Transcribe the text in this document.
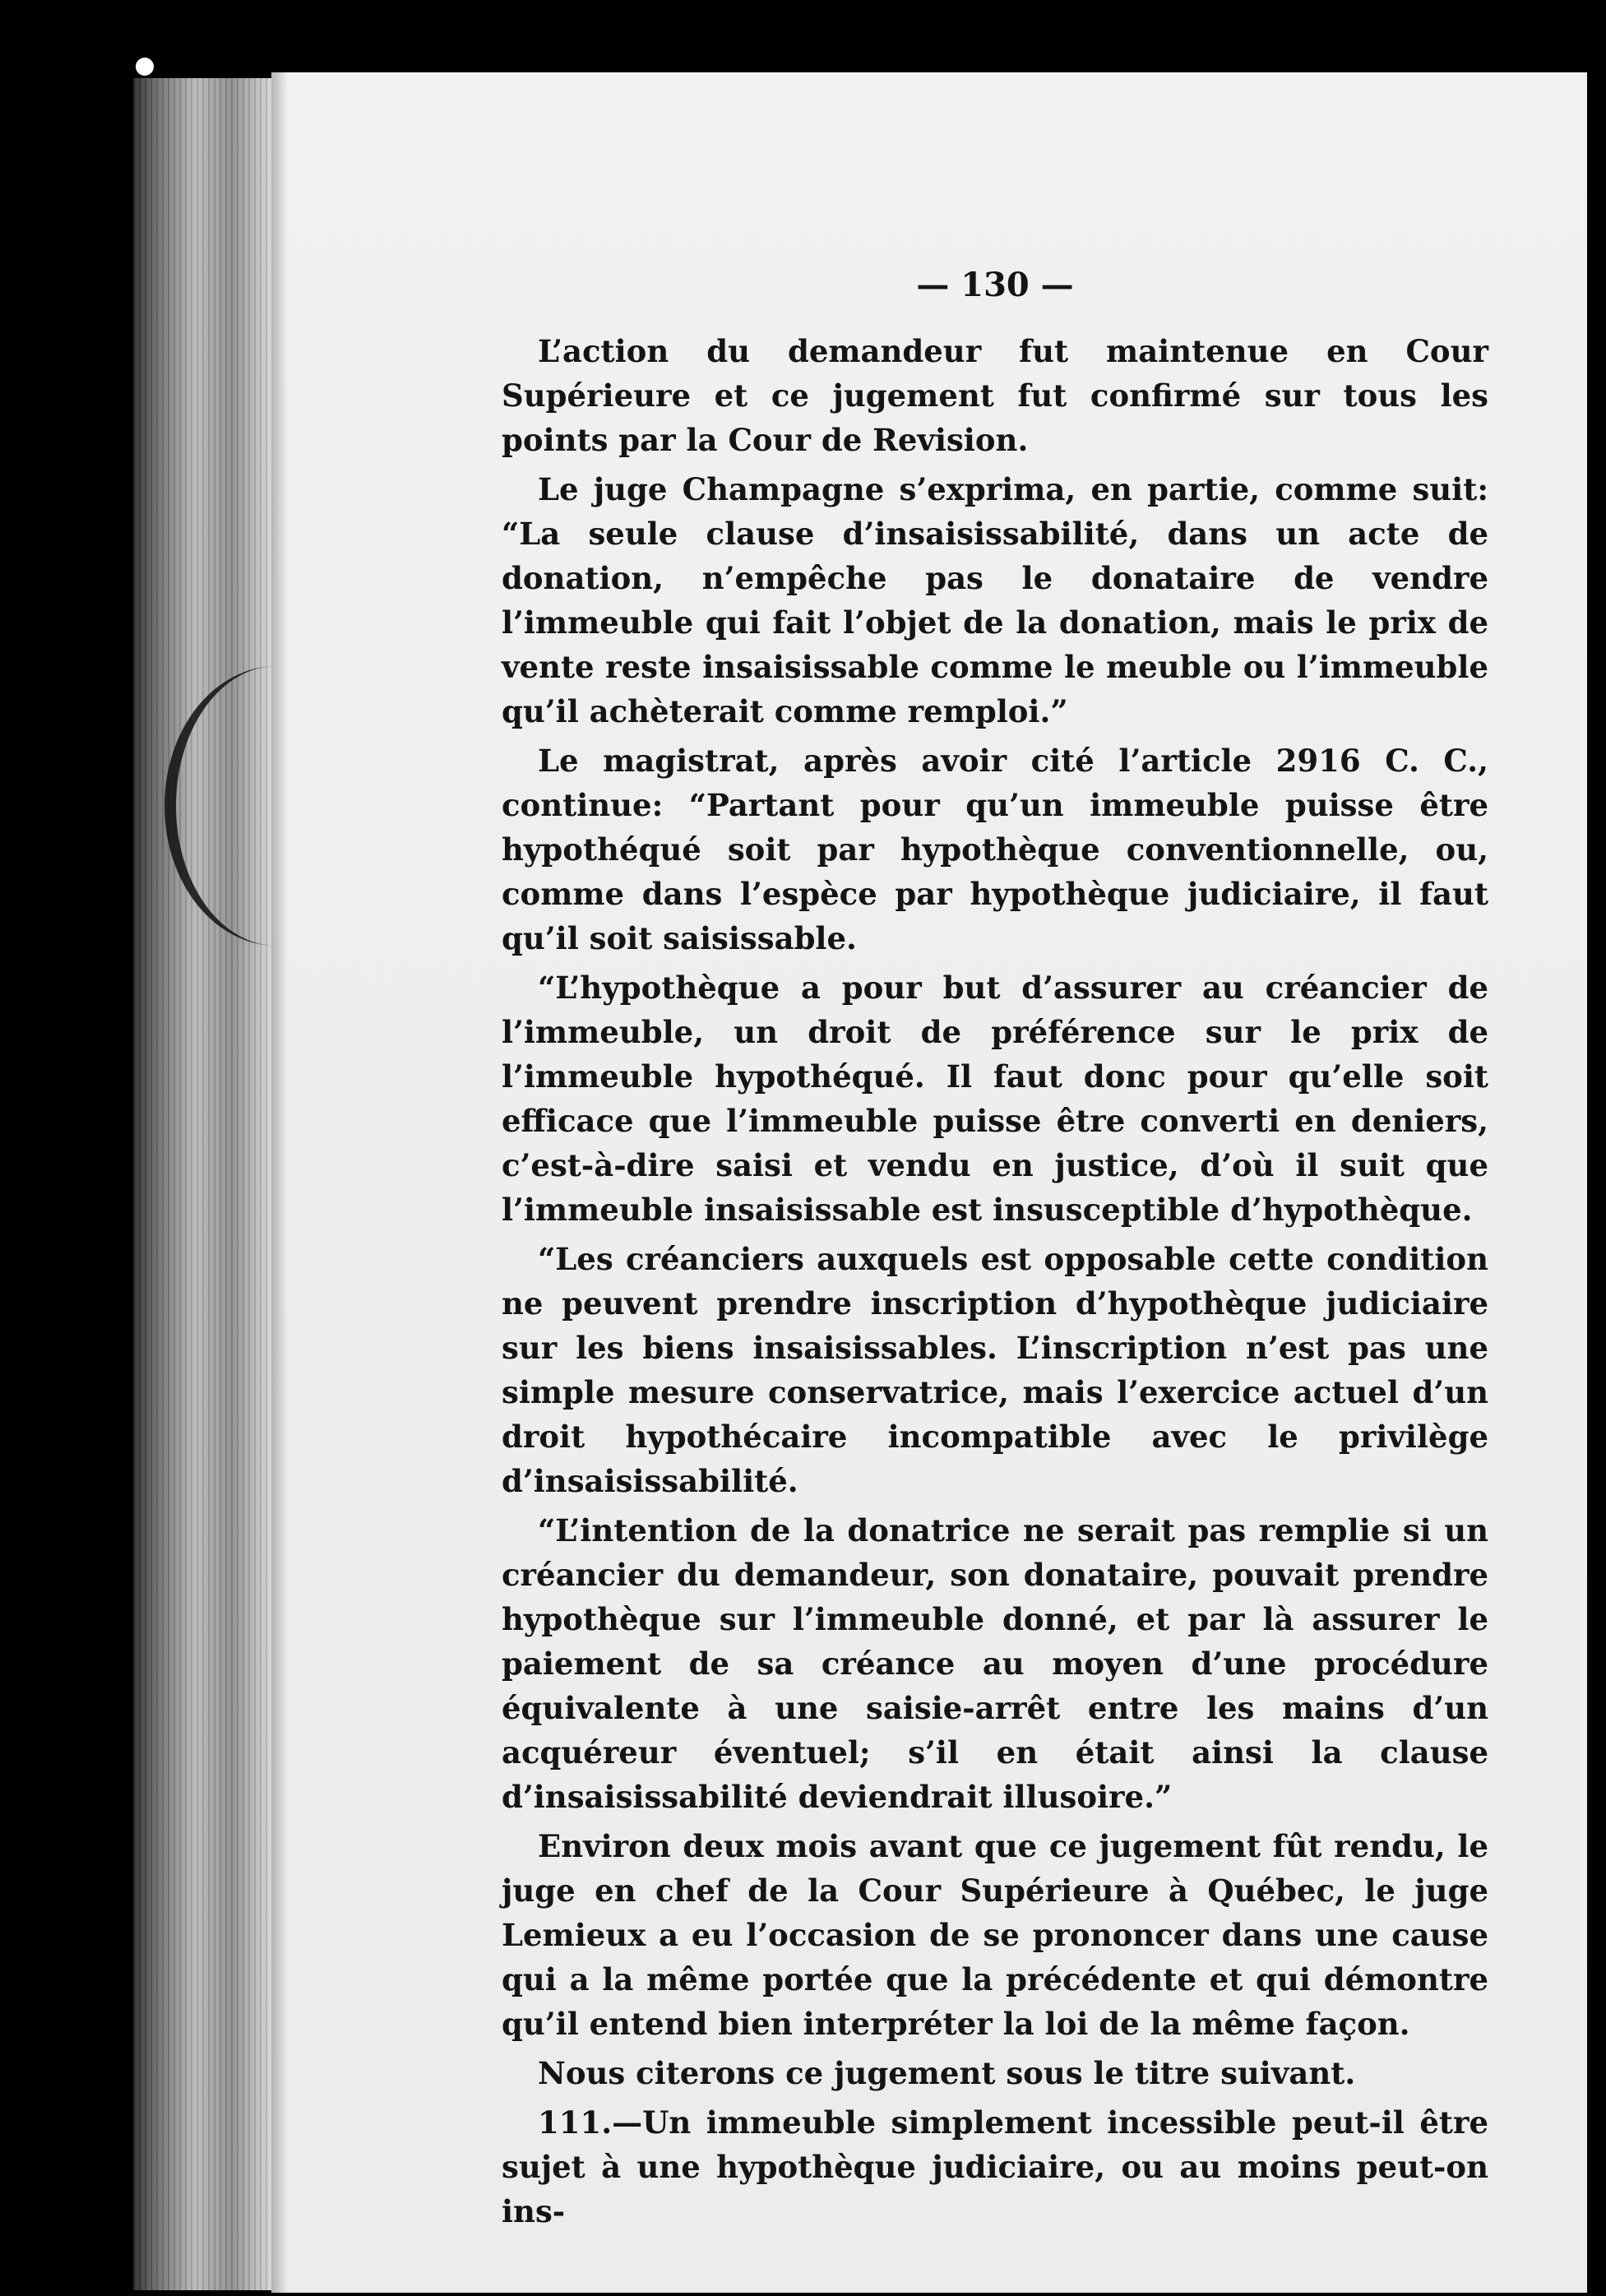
— 130 —

L’action du demandeur fut maintenue en Cour Supérieure et ce jugement fut confirmé sur tous les points par la Cour de Revision.

Le juge Champagne s’exprima, en partie, comme suit: “La seule clause d’insaisissabilité, dans un acte de donation, n’empêche pas le donataire de vendre l’immeuble qui fait l’objet de la donation, mais le prix de vente reste insaisissable comme le meuble ou l’immeuble qu’il achèterait comme remploi.”

Le magistrat, après avoir cité l’article 2916 C. C., continue: “Partant pour qu’un immeuble puisse être hypothéqué soit par hypothèque conventionnelle, ou, comme dans l’espèce par hypothèque judiciaire, il faut qu’il soit saisissable.

“L’hypothèque a pour but d’assurer au créancier de l’immeuble, un droit de préférence sur le prix de l’immeuble hypothéqué. Il faut donc pour qu’elle soit efficace que l’immeuble puisse être converti en deniers, c’est-à-dire saisi et vendu en justice, d’où il suit que l’immeuble insaisissable est insusceptible d’hypothèque.

“Les créanciers auxquels est opposable cette condition ne peuvent prendre inscription d’hypothèque judiciaire sur les biens insaisissables. L’inscription n’est pas une simple mesure conservatrice, mais l’exercice actuel d’un droit hypothécaire incompatible avec le privilège d’insaisissabilité.

“L’intention de la donatrice ne serait pas remplie si un créancier du demandeur, son donataire, pouvait prendre hypothèque sur l’immeuble donné, et par là assurer le paiement de sa créance au moyen d’une procédure équivalente à une saisie-arrêt entre les mains d’un acquéreur éventuel; s’il en était ainsi la clause d’insaisissabilité deviendrait illusoire.”

Environ deux mois avant que ce jugement fût rendu, le juge en chef de la Cour Supérieure à Québec, le juge Lemieux a eu l’occasion de se prononcer dans une cause qui a la même portée que la précédente et qui démontre qu’il entend bien interpréter la loi de la même façon.

Nous citerons ce jugement sous le titre suivant.

111.—Un immeuble simplement incessible peut-il être sujet à une hypothèque judiciaire, ou au moins peut-on ins-
